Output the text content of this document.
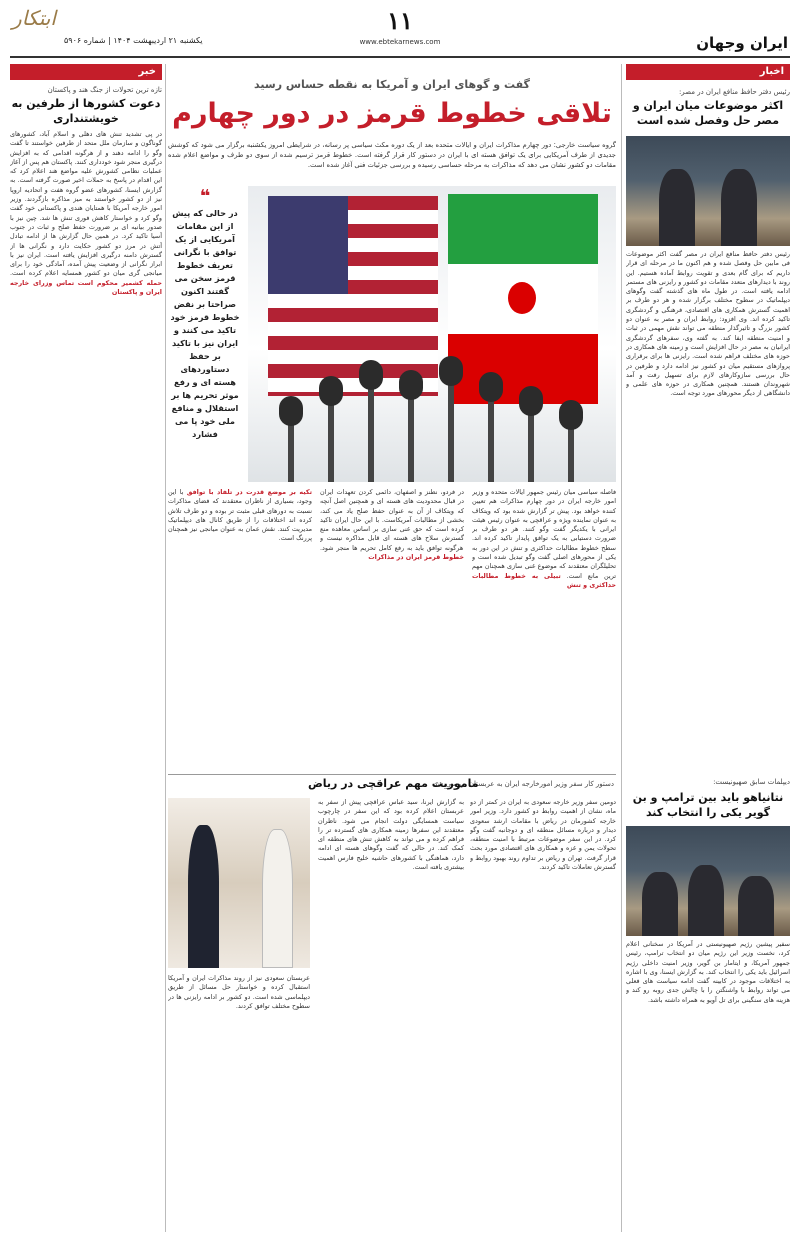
ابتکار	۱۱
www.ebtekarnews.com
یکشنبه ۲۱ اردیبهشت ۱۴۰۴ | شماره ۵۹۰۶	ایران وجهان
اخبار
رئیس دفتر حافظ منافع ایران در مصر:
اکثر موضوعات میان ایران و مصر حل وفصل شده است
رئیس دفتر حافظ منافع ایران در مصر گفت اکثر موضوعات فی مابین حل وفصل شده و هم اکنون ما در مرحله ای قرار داریم که برای گام بعدی و تقویت روابط آماده هستیم. این روند با دیدارهای متعدد مقامات دو کشور و رایزنی های مستمر ادامه یافته است. در طول ماه های گذشته گفت وگوهای دیپلماتیک در سطوح مختلف برگزار شده و هر دو طرف بر اهمیت گسترش همکاری های اقتصادی، فرهنگی و گردشگری تاکید کرده اند. وی افزود: روابط ایران و مصر به عنوان دو کشور بزرگ و تاثیرگذار منطقه می تواند نقش مهمی در ثبات و امنیت منطقه ایفا کند. به گفته وی، سفرهای گردشگری ایرانیان به مصر در حال افزایش است و زمینه های همکاری در حوزه های مختلف فراهم شده است. رایزنی ها برای برقراری پروازهای مستقیم میان دو کشور نیز ادامه دارد و طرفین در حال بررسی سازوکارهای لازم برای تسهیل رفت و آمد شهروندان هستند. همچنین همکاری در حوزه های علمی و دانشگاهی از دیگر محورهای مورد توجه است.
دیپلمات سابق صهیونیست:
نتانیاهو باید بین ترامپ و بن گویر یکی را انتخاب کند
سفیر پیشین رژیم صهیونیستی در آمریکا در سخنانی اعلام کرد، نخست وزیر این رژیم میان دو انتخاب ترامپ، رئیس جمهور آمریکا، و ایتامار بن گویر، وزیر امنیت داخلی رژیم اسرائیل باید یکی را انتخاب کند. به گزارش ایسنا، وی با اشاره به اختلافات موجود در کابینه گفت ادامه سیاست های فعلی می تواند روابط با واشنگتن را با چالش جدی روبه رو کند و هزینه های سنگینی برای تل آویو به همراه داشته باشد.
گفت و گوهای ایران و آمریکا به نقطه حساس رسید
تلاقی خطوط قرمز در دور چهارم
گروه سیاست خارجی: دور چهارم مذاکرات ایران و ایالات متحده بعد از یک دوره مکث سیاسی پر رسانه، در شرایطی امروز یکشنبه برگزار می شود که کوشش جدیدی از طرف آمریکایی برای یک توافق هسته ای با ایران در دستور کار قرار گرفته است. خطوط قرمز ترسیم شده از سوی دو طرف و مواضع اعلام شده مقامات دو کشور نشان می دهد که مذاکرات به مرحله حساسی رسیده و بررسی جزئیات فنی آغاز شده است.
❝
در حالی که پیش از این مقامات آمریکایی از یک توافق با نگرانی تعریف خطوط قرمز سخن می گفتند اکنون صراحتا بر نقض خطوط قرمز خود تاکید می کنند و ایران نیز با تاکید بر حفظ دستاوردهای هسته ای و رفع موثر تحریم ها بر استقلال و منافع ملی خود پا می فشارد
فاصله سیاسی میان رئیس جمهور ایالات متحده و وزیر امور خارجه ایران در دور چهارم مذاکرات هم تعیین کننده خواهد بود. پیش تر گزارش شده بود که ویتکاف به عنوان نماینده ویژه و عراقچی به عنوان رئیس هیئت ایرانی با یکدیگر گفت وگو کنند. هر دو طرف بر ضرورت دستیابی به یک توافق پایدار تاکید کرده اند. سطح خطوط مطالبات حداکثری و تنش در این دور به یکی از محورهای اصلی گفت وگو تبدیل شده است و تحلیلگران معتقدند که موضوع غنی سازی همچنان مهم ترین مانع است. تبیلی به خطوط مطالبات حداکثری و تنش
در فردو، نطنز و اصفهان، دائمی کردن تعهدات ایران در قبال محدودیت های هسته ای و همچنین اصل آنچه که ویتکاف از آن به عنوان حفظ صلح یاد می کند، بخشی از مطالبات آمریکاست. با این حال ایران تاکید کرده است که حق غنی سازی بر اساس معاهده منع گسترش سلاح های هسته ای قابل مذاکره نیست و هرگونه توافق باید به رفع کامل تحریم ها منجر شود. خطوط قرمز ایران در مذاکرات
تکیه بر موضع قدرت در تلفاد با توافق با این وجود، بسیاری از ناظران معتقدند که فضای مذاکرات نسبت به دورهای قبلی مثبت تر بوده و دو طرف تلاش کرده اند اختلافات را از طریق کانال های دیپلماتیک مدیریت کنند. نقش عمان به عنوان میانجی نیز همچنان پررنگ است.
دستور کار سفر وزیر امورخارجه ایران به عربستان بررسی شد
ماموریت مهم عراقچی در ریاض
دومین سفر وزیر خارجه سعودی به ایران در کمتر از دو ماه، نشان از اهمیت روابط دو کشور دارد. وزیر امور خارجه کشورمان در ریاض با مقامات ارشد سعودی دیدار و درباره مسائل منطقه ای و دوجانبه گفت وگو کرد. در این سفر موضوعات مرتبط با امنیت منطقه، تحولات یمن و غزه و همکاری های اقتصادی مورد بحث قرار گرفت. تهران و ریاض بر تداوم روند بهبود روابط و گسترش تعاملات تاکید کردند.
به گزارش ایرنا، سید عباس عراقچی پیش از سفر به عربستان اعلام کرده بود که این سفر در چارچوب سیاست همسایگی دولت انجام می شود. ناظران معتقدند این سفرها زمینه همکاری های گسترده تر را فراهم کرده و می تواند به کاهش تنش های منطقه ای کمک کند. در حالی که گفت وگوهای هسته ای ادامه دارد، هماهنگی با کشورهای حاشیه خلیج فارس اهمیت بیشتری یافته است.
عربستان سعودی نیز از روند مذاکرات ایران و آمریکا استقبال کرده و خواستار حل مسائل از طریق دیپلماسی شده است. دو کشور بر ادامه رایزنی ها در سطوح مختلف توافق کردند.
خبر
تازه ترین تحولات از جنگ هند و پاکستان
دعوت کشورها از طرفین به خویشتنداری
در پی تشدید تنش های دهلی و اسلام آباد، کشورهای گوناگون و سازمان ملل متحد از طرفین خواستند تا گفت وگو را ادامه دهند و از هرگونه اقدامی که به افزایش درگیری منجر شود خودداری کنند. پاکستان هم پس از آغاز عملیات نظامی کشورش علیه مواضع هند اعلام کرد که این اقدام در پاسخ به حملات اخیر صورت گرفته است. به گزارش ایسنا، کشورهای عضو گروه هفت و اتحادیه اروپا نیز از دو کشور خواستند به میز مذاکره بازگردند. وزیر امور خارجه آمریکا با همتایان هندی و پاکستانی خود گفت وگو کرد و خواستار کاهش فوری تنش ها شد. چین نیز با صدور بیانیه ای بر ضرورت حفظ صلح و ثبات در جنوب آسیا تاکید کرد. در همین حال گزارش ها از ادامه تبادل آتش در مرز دو کشور حکایت دارد و نگرانی ها از گسترش دامنه درگیری افزایش یافته است. ایران نیز با ابراز نگرانی از وضعیت پیش آمده، آمادگی خود را برای میانجی گری میان دو کشور همسایه اعلام کرده است. حمله کشمیر محکوم است تماس وزرای خارجه ایران و پاکستان
